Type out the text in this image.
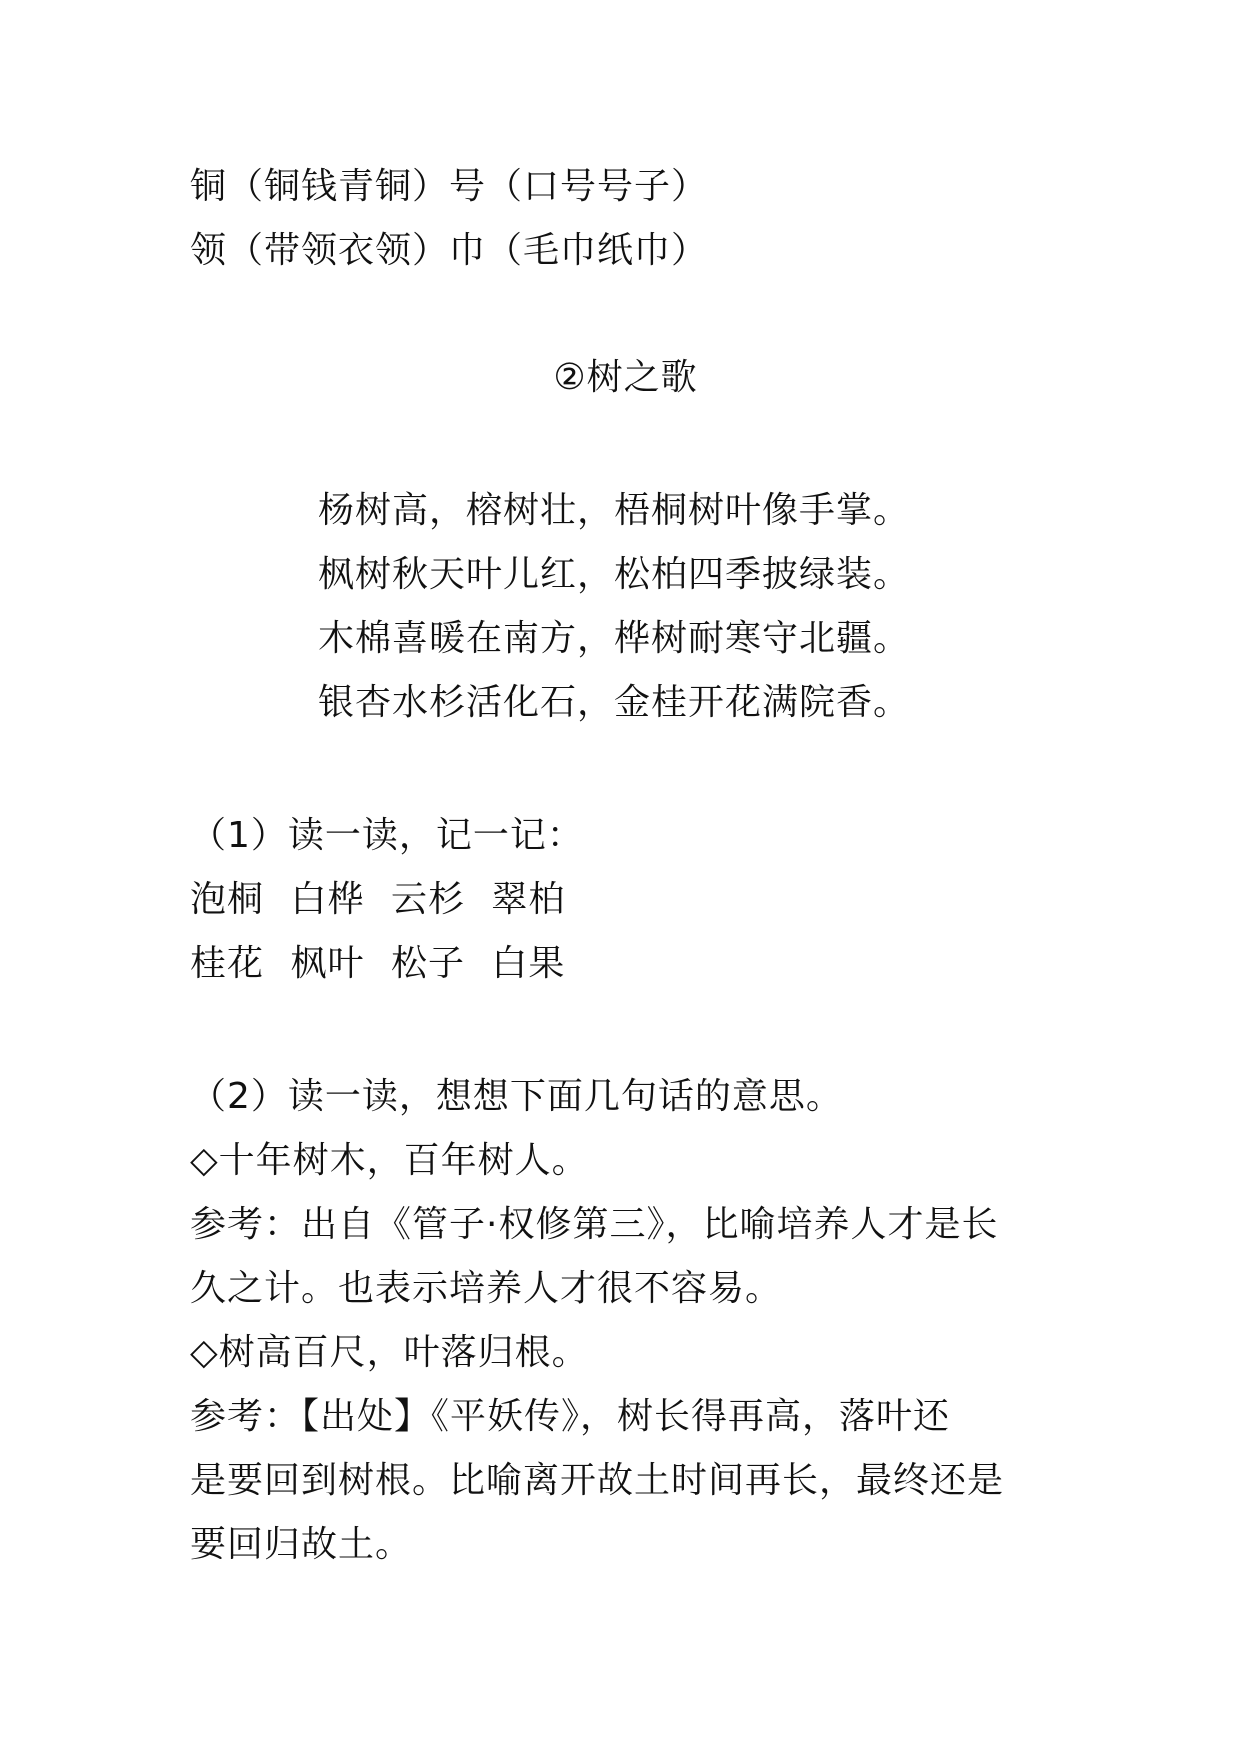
铜（铜钱青铜）号（口号号子）
领（带领衣领）巾（毛巾纸巾）
②树之歌
杨树高，榕树壮，梧桐树叶像手掌。
枫树秋天叶儿红，松柏四季披绿装。
木棉喜暖在南方，桦树耐寒守北疆。
银杏水杉活化石，金桂开花满院香。
（1）读一读，记一记：
泡桐 白桦 云杉 翠柏
桂花 枫叶 松子 白果
（2）读一读，想想下面几句话的意思。
◇十年树木，百年树人。
参考：出自《管子·权修第三》，比喻培养人才是长
久之计。也表示培养人才很不容易。
◇树高百尺，叶落归根。
参考：【出处】《平妖传》，树长得再高，落叶还
是要回到树根。比喻离开故土时间再长，最终还是
要回归故土。
